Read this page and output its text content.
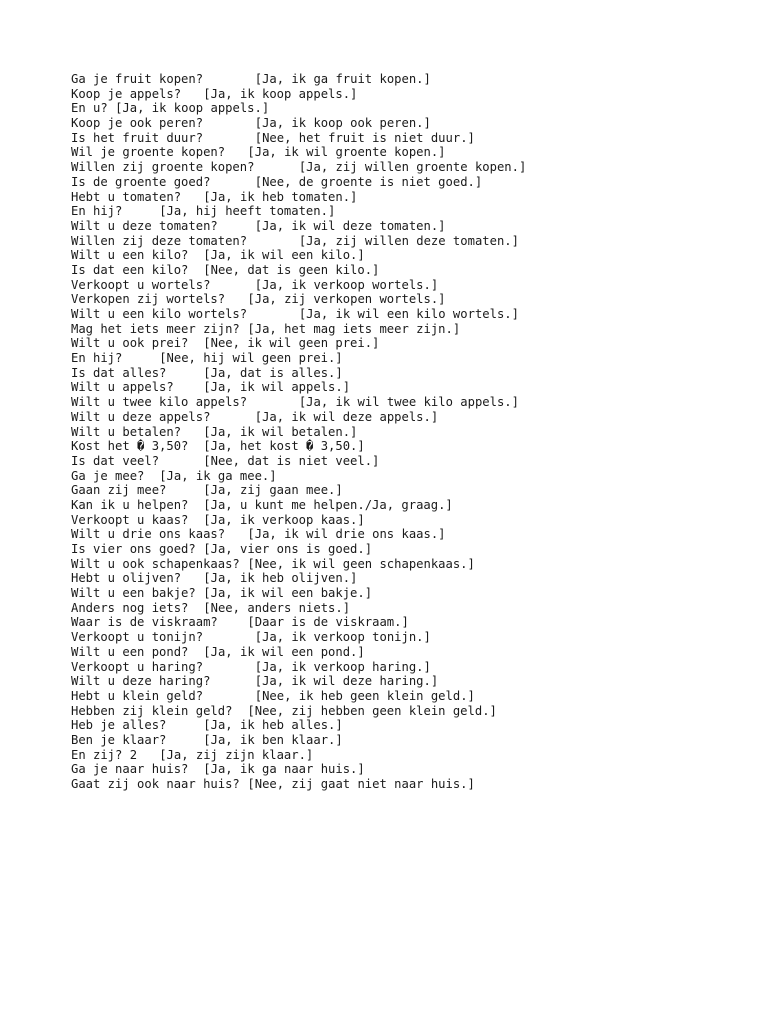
Ga je fruit kopen?	[Ja, ik ga fruit kopen.]
Koop je appels? [Ja, ik koop appels.]
En u? [Ja, ik koop appels.]
Koop je ook peren?	[Ja, ik koop ook peren.]
Is het fruit duur?	[Nee, het fruit is niet duur.]
Wil je groente kopen? [Ja, ik wil groente kopen.]
Willen zij groente kopen?	[Ja, zij willen groente kopen.]
Is de groente goed?	[Nee, de groente is niet goed.]
Hebt u tomaten? [Ja, ik heb tomaten.]
En hij?	[Ja, hij heeft tomaten.]
Wilt u deze tomaten?	[Ja, ik wil deze tomaten.]
Willen zij deze tomaten?	[Ja, zij willen deze tomaten.]
Wilt u een kilo? [Ja, ik wil een kilo.]
Is dat een kilo? [Nee, dat is geen kilo.]
Verkoopt u wortels?	[Ja, ik verkoop wortels.]
Verkopen zij wortels? [Ja, zij verkopen wortels.]
Wilt u een kilo wortels?	[Ja, ik wil een kilo wortels.]
Mag het iets meer zijn? [Ja, het mag iets meer zijn.]
Wilt u ook prei? [Nee, ik wil geen prei.]
En hij?	[Nee, hij wil geen prei.]
Is dat alles?	[Ja, dat is alles.]
Wilt u appels? [Ja, ik wil appels.]
Wilt u twee kilo appels?	[Ja, ik wil twee kilo appels.]
Wilt u deze appels?	[Ja, ik wil deze appels.]
Wilt u betalen? [Ja, ik wil betalen.]
Kost het � 3,50? [Ja, het kost � 3,50.]
Is dat veel?	[Nee, dat is niet veel.]
Ga je mee? [Ja, ik ga mee.]
Gaan zij mee?	[Ja, zij gaan mee.]
Kan ik u helpen? [Ja, u kunt me helpen./Ja, graag.]
Verkoopt u kaas? [Ja, ik verkoop kaas.]
Wilt u drie ons kaas? [Ja, ik wil drie ons kaas.]
Is vier ons goed? [Ja, vier ons is goed.]
Wilt u ook schapenkaas? [Nee, ik wil geen schapenkaas.]
Hebt u olijven? [Ja, ik heb olijven.]
Wilt u een bakje? [Ja, ik wil een bakje.]
Anders nog iets? [Nee, anders niets.]
Waar is de viskraam? [Daar is de viskraam.]
Verkoopt u tonijn?	[Ja, ik verkoop tonijn.]
Wilt u een pond? [Ja, ik wil een pond.]
Verkoopt u haring?	[Ja, ik verkoop haring.]
Wilt u deze haring?	[Ja, ik wil deze haring.]
Hebt u klein geld?	[Nee, ik heb geen klein geld.]
Hebben zij klein geld? [Nee, zij hebben geen klein geld.]
Heb je alles?	[Ja, ik heb alles.]
Ben je klaar?	[Ja, ik ben klaar.]
En zij? 2 [Ja, zij zijn klaar.]
Ga je naar huis? [Ja, ik ga naar huis.]
Gaat zij ook naar huis? [Nee, zij gaat niet naar huis.]
